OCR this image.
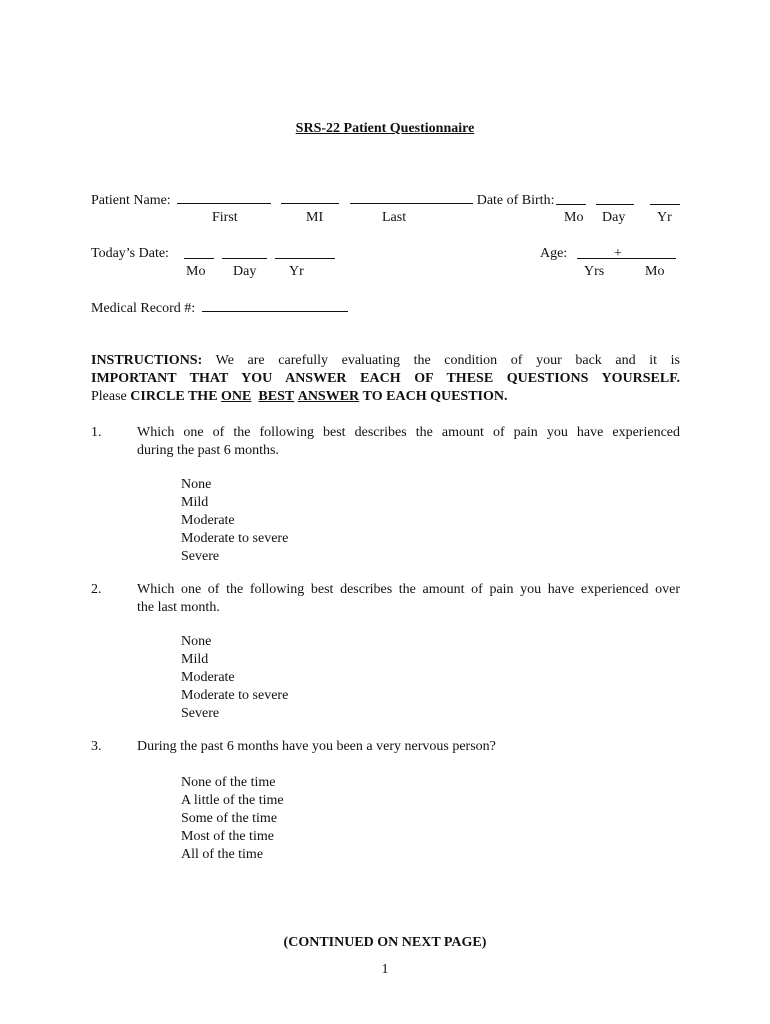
SRS-22 Patient Questionnaire
Patient Name:	Date of Birth:
First	MI	Last	Mo Day Yr
Today’s Date:	Age:	+
Mo Day Yr	Yrs	Mo
Medical Record #:
INSTRUCTIONS: We are carefully evaluating the condition of your back and it is
IMPORTANT THAT YOU ANSWER EACH OF THESE QUESTIONS YOURSELF.
Please CIRCLE THE ONE BEST ANSWER TO EACH QUESTION.
1.	Which one of the following best describes the amount of pain you have experienced
during the past 6 months.
None
Mild
Moderate
Moderate to severe
Severe
2.	Which one of the following best describes the amount of pain you have experienced over
the last month.
None
Mild
Moderate
Moderate to severe
Severe
3.	During the past 6 months have you been a very nervous person?
None of the time
A little of the time
Some of the time
Most of the time
All of the time
(CONTINUED ON NEXT PAGE)
1
